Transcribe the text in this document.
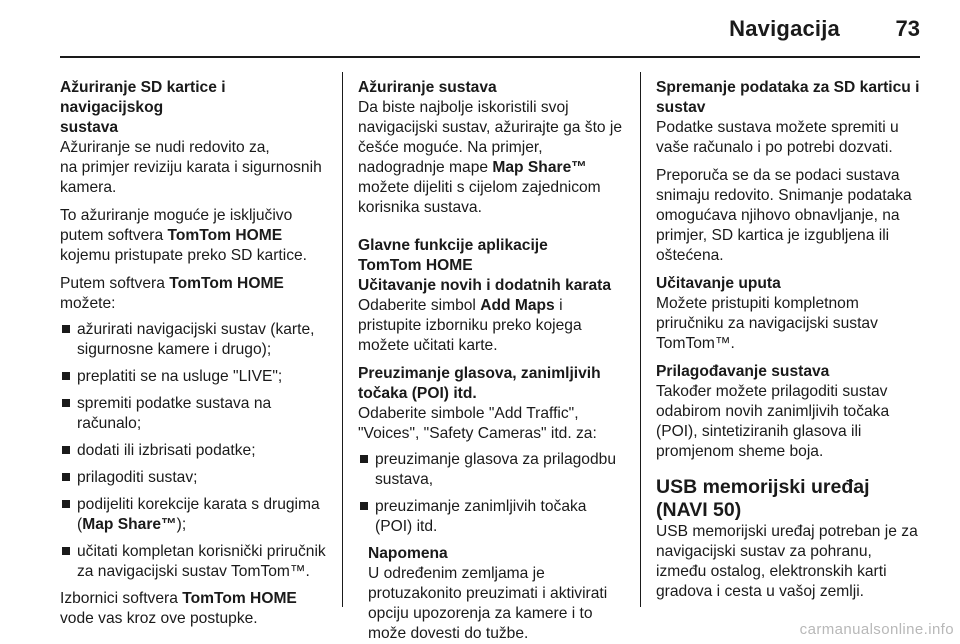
Navigacija	73
Ažuriranje SD kartice i navigacijskog
sustava

Ažuriranje se nudi redovito za,
na primjer reviziju karata i sigurnosnih kamera.

To ažuriranje moguće je isključivo putem softvera TomTom HOME kojemu pristupate preko SD kartice.

Putem softvera TomTom HOME
možete:

ažurirati navigacijski sustav (karte, sigurnosne kamere i drugo);
preplatiti se na usluge "LIVE";
spremiti podatke sustava na računalo;
dodati ili izbrisati podatke;
prilagoditi sustav;
podijeliti korekcije karata s drugima (Map Share™);
učitati kompletan korisnički priručnik za navigacijski sustav TomTom™.

Izbornici softvera TomTom HOME
vode vas kroz ove postupke.

Ažuriranje sustava

Da biste najbolje iskoristili svoj navigacijski sustav, ažurirajte ga što je češće moguće. Na primjer, nadogradnje mape Map Share™ možete dijeliti s cijelom zajednicom korisnika sustava.

Glavne funkcije aplikacije
TomTom HOME
Učitavanje novih i dodatnih karata

Odaberite simbol Add Maps i pristupite izborniku preko kojega možete učitati karte.

Preuzimanje glasova, zanimljivih
točaka (POI) itd.

Odaberite simbole "Add Traffic", "Voices", "Safety Cameras" itd. za:

preuzimanje glasova za prilagodbu sustava,
preuzimanje zanimljivih točaka (POI) itd.
Napomena
U određenim zemljama je protuzakonito preuzimati i aktivirati opciju upozorenja za kamere i to može dovesti do tužbe.
Spremanje podataka za SD karticu i
sustav

Podatke sustava možete spremiti u vaše računalo i po potrebi dozvati.

Preporuča se da se podaci sustava snimaju redovito. Snimanje podataka omogućava njihovo obnavljanje, na primjer, SD kartica je izgubljena ili oštećena.

Učitavanje uputa

Možete pristupiti kompletnom priručniku za navigacijski sustav TomTom™.

Prilagođavanje sustava

Također možete prilagoditi sustav odabirom novih zanimljivih točaka (POI), sintetiziranih glasova ili promjenom sheme boja.

USB memorijski uređaj
(NAVI 50)

USB memorijski uređaj potreban je za navigacijski sustav za pohranu, između ostalog, elektronskih karti gradova i cesta u vašoj zemlji.

carmanualsonline.info
